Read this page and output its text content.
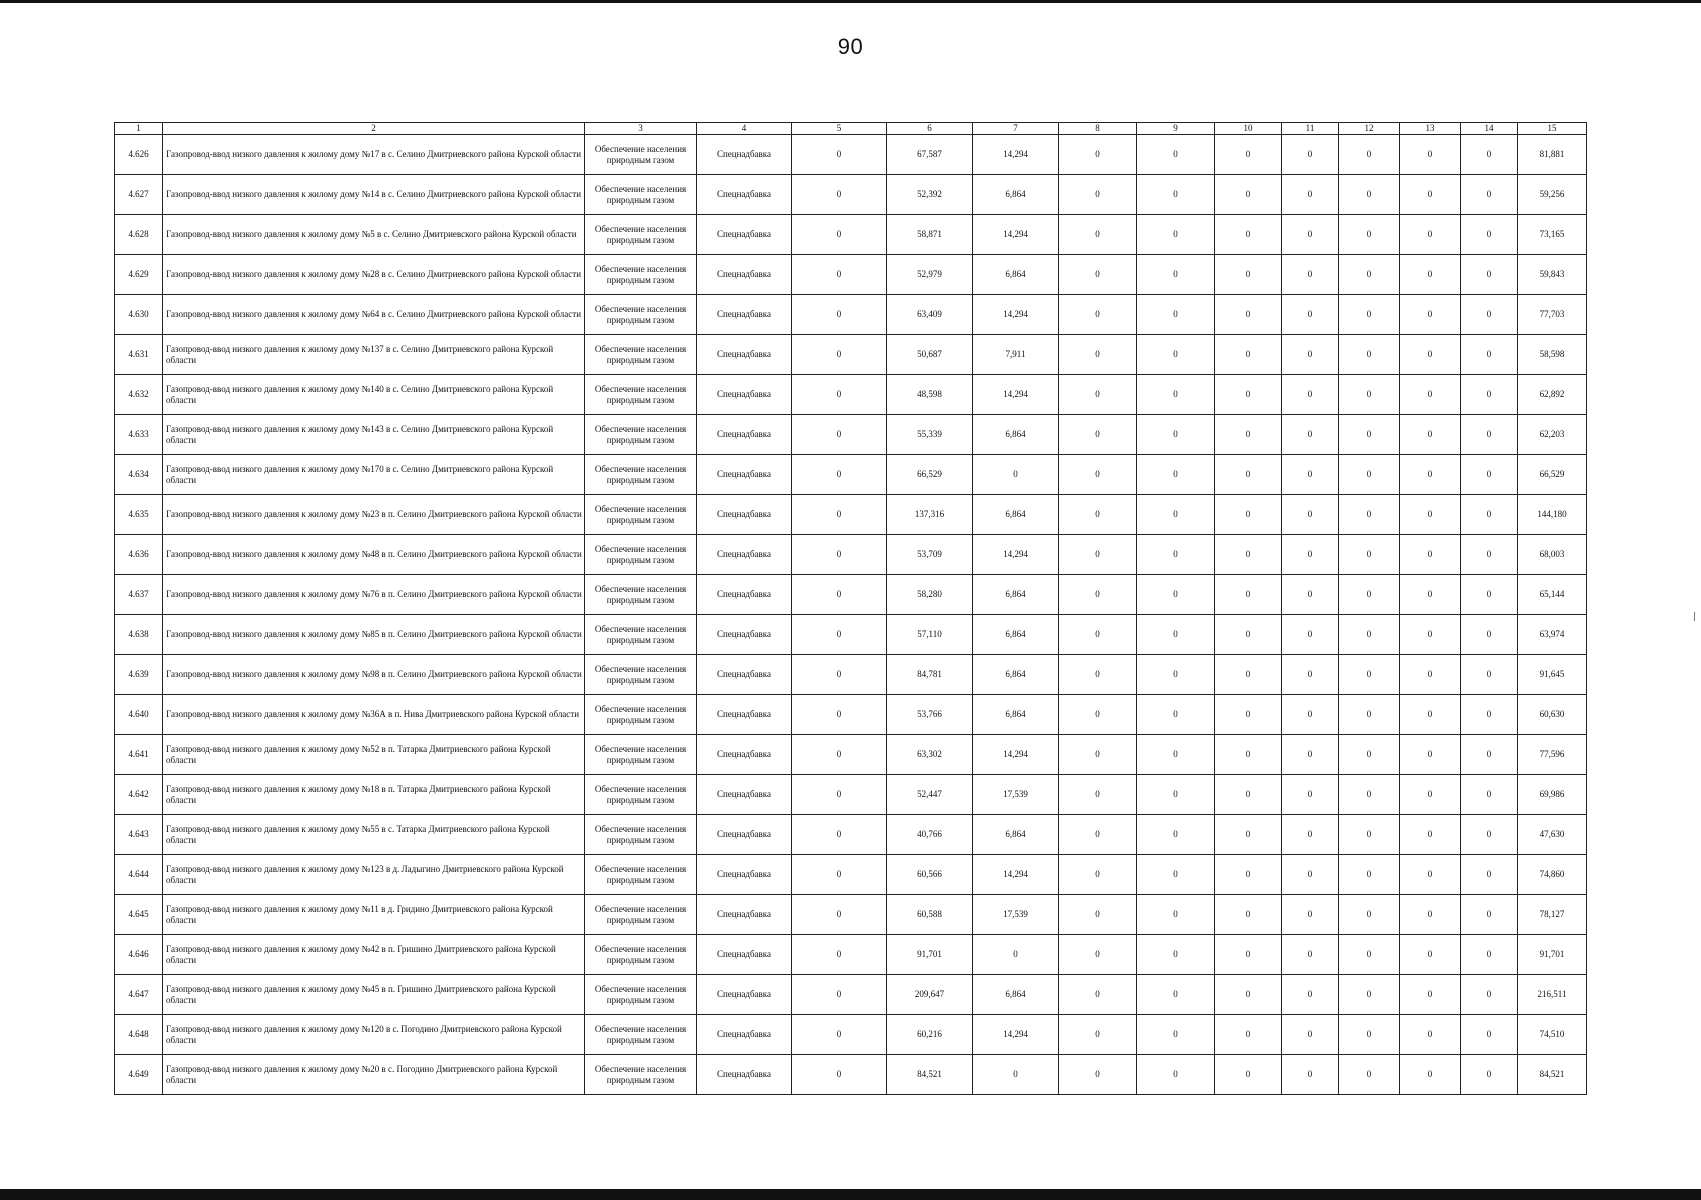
90
1	2	3	4	5	6	7	8	9	10	11	12	13	14	15
4.626	Газопровод-ввод низкого давления к жилому дому №17 в с. Селино Дмитриевского района Курской области	Обеспечение населения природным газом	Спецнадбавка	0	67,587	14,294	0	0	0	0	0	0	0	81,881
4.627	Газопровод-ввод низкого давления к жилому дому №14 в с. Селино Дмитриевского района Курской области	Обеспечение населения природным газом	Спецнадбавка	0	52,392	6,864	0	0	0	0	0	0	0	59,256
4.628	Газопровод-ввод низкого давления к жилому дому №5 в с. Селино Дмитриевского района Курской области	Обеспечение населения природным газом	Спецнадбавка	0	58,871	14,294	0	0	0	0	0	0	0	73,165
4.629	Газопровод-ввод низкого давления к жилому дому №28 в с. Селино Дмитриевского района Курской области	Обеспечение населения природным газом	Спецнадбавка	0	52,979	6,864	0	0	0	0	0	0	0	59,843
4.630	Газопровод-ввод низкого давления к жилому дому №64 в с. Селино Дмитриевского района Курской области	Обеспечение населения природным газом	Спецнадбавка	0	63,409	14,294	0	0	0	0	0	0	0	77,703
4.631	Газопровод-ввод низкого давления к жилому дому №137 в с. Селино Дмитриевского района Курской области	Обеспечение населения природным газом	Спецнадбавка	0	50,687	7,911	0	0	0	0	0	0	0	58,598
4.632	Газопровод-ввод низкого давления к жилому дому №140 в с. Селино Дмитриевского района Курской области	Обеспечение населения природным газом	Спецнадбавка	0	48,598	14,294	0	0	0	0	0	0	0	62,892
4.633	Газопровод-ввод низкого давления к жилому дому №143 в с. Селино Дмитриевского района Курской области	Обеспечение населения природным газом	Спецнадбавка	0	55,339	6,864	0	0	0	0	0	0	0	62,203
4.634	Газопровод-ввод низкого давления к жилому дому №170 в с. Селино Дмитриевского района Курской области	Обеспечение населения природным газом	Спецнадбавка	0	66,529	0	0	0	0	0	0	0	0	66,529
4.635	Газопровод-ввод низкого давления к жилому дому №23 в п. Селино Дмитриевского района Курской области	Обеспечение населения природным газом	Спецнадбавка	0	137,316	6,864	0	0	0	0	0	0	0	144,180
4.636	Газопровод-ввод низкого давления к жилому дому №48 в п. Селино Дмитриевского района Курской области	Обеспечение населения природным газом	Спецнадбавка	0	53,709	14,294	0	0	0	0	0	0	0	68,003
4.637	Газопровод-ввод низкого давления к жилому дому №76 в п. Селино Дмитриевского района Курской области	Обеспечение населения природным газом	Спецнадбавка	0	58,280	6,864	0	0	0	0	0	0	0	65,144
4.638	Газопровод-ввод низкого давления к жилому дому №85 в п. Селино Дмитриевского района Курской области	Обеспечение населения природным газом	Спецнадбавка	0	57,110	6,864	0	0	0	0	0	0	0	63,974
4.639	Газопровод-ввод низкого давления к жилому дому №98 в п. Селино Дмитриевского района Курской области	Обеспечение населения природным газом	Спецнадбавка	0	84,781	6,864	0	0	0	0	0	0	0	91,645
4.640	Газопровод-ввод низкого давления к жилому дому №36А в п. Нива Дмитриевского района Курской области	Обеспечение населения природным газом	Спецнадбавка	0	53,766	6,864	0	0	0	0	0	0	0	60,630
4.641	Газопровод-ввод низкого давления к жилому дому №52 в п. Татарка Дмитриевского района Курской области	Обеспечение населения природным газом	Спецнадбавка	0	63,302	14,294	0	0	0	0	0	0	0	77,596
4.642	Газопровод-ввод низкого давления к жилому дому №18 в п. Татарка Дмитриевского района Курской области	Обеспечение населения природным газом	Спецнадбавка	0	52,447	17,539	0	0	0	0	0	0	0	69,986
4.643	Газопровод-ввод низкого давления к жилому дому №55 в с. Татарка Дмитриевского района Курской области	Обеспечение населения природным газом	Спецнадбавка	0	40,766	6,864	0	0	0	0	0	0	0	47,630
4.644	Газопровод-ввод низкого давления к жилому дому №123 в д. Ладыгино Дмитриевского района Курской области	Обеспечение населения природным газом	Спецнадбавка	0	60,566	14,294	0	0	0	0	0	0	0	74,860
4.645	Газопровод-ввод низкого давления к жилому дому №11 в д. Гридино Дмитриевского района Курской области	Обеспечение населения природным газом	Спецнадбавка	0	60,588	17,539	0	0	0	0	0	0	0	78,127
4.646	Газопровод-ввод низкого давления к жилому дому №42 в п. Гришино Дмитриевского района Курской области	Обеспечение населения природным газом	Спецнадбавка	0	91,701	0	0	0	0	0	0	0	0	91,701
4.647	Газопровод-ввод низкого давления к жилому дому №45 в п. Гришино Дмитриевского района Курской области	Обеспечение населения природным газом	Спецнадбавка	0	209,647	6,864	0	0	0	0	0	0	0	216,511
4.648	Газопровод-ввод низкого давления к жилому дому №120 в с. Погодино Дмитриевского района Курской области	Обеспечение населения природным газом	Спецнадбавка	0	60,216	14,294	0	0	0	0	0	0	0	74,510
4.649	Газопровод-ввод низкого давления к жилому дому №20 в с. Погодино Дмитриевского района Курской области	Обеспечение населения природным газом	Спецнадбавка	0	84,521	0	0	0	0	0	0	0	0	84,521
